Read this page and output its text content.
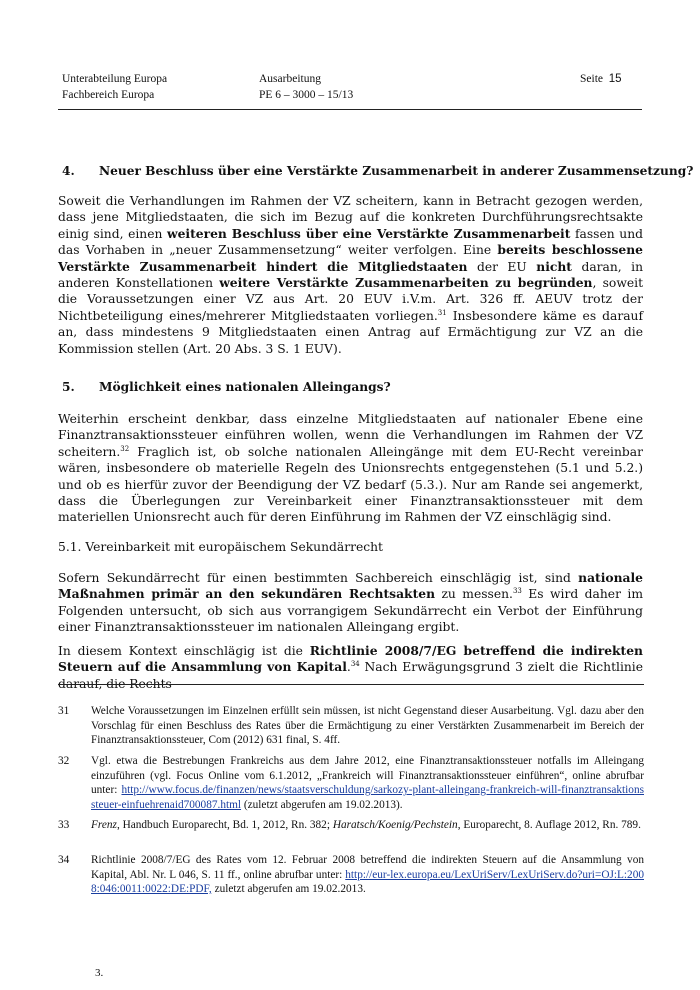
Unterabteilung Europa
Fachbereich Europa
Ausarbeitung
PE 6 – 3000 – 15/13
Seite 15
4. Neuer Beschluss über eine Verstärkte Zusammenarbeit in anderer Zusammensetzung?

Soweit die Verhandlungen im Rahmen der VZ scheitern, kann in Betracht gezogen werden, dass jene Mitgliedstaaten, die sich im Bezug auf die konkreten Durchführungsrechtsakte einig sind, einen weiteren Beschluss über eine Verstärkte Zusammenarbeit fassen und das Vorhaben in „neuer Zusammensetzung“ weiter verfolgen. Eine bereits beschlossene Verstärkte Zusammenarbeit hindert die Mitgliedstaaten der EU nicht daran, in anderen Konstellationen weitere Verstärkte Zusammenarbeiten zu begründen, soweit die Voraussetzungen einer VZ aus Art. 20 EUV i.V.m. Art. 326 ff. AEUV trotz der Nichtbeteiligung eines/mehrerer Mitgliedstaaten vorliegen.$^{31}$ Insbesondere käme es darauf an, dass mindestens 9 Mitgliedstaaten einen Antrag auf Ermächtigung zur VZ an die Kommission stellen (Art. 20 Abs. 3 S. 1 EUV).

5. Möglichkeit eines nationalen Alleingangs?

Weiterhin erscheint denkbar, dass einzelne Mitgliedstaaten auf nationaler Ebene eine Finanztransaktionssteuer einführen wollen, wenn die Verhandlungen im Rahmen der VZ scheitern.$^{32}$ Fraglich ist, ob solche nationalen Alleingänge mit dem EU-Recht vereinbar wären, insbesondere ob materielle Regeln des Unionsrechts entgegenstehen (5.1 und 5.2.) und ob es hierfür zuvor der Beendigung der VZ bedarf (5.3.). Nur am Rande sei angemerkt, dass die Überlegungen zur Vereinbarkeit einer Finanztransaktionssteuer mit dem materiellen Unionsrecht auch für deren Einführung im Rahmen der VZ einschlägig sind.

5.1. Vereinbarkeit mit europäischem Sekundärrecht

Sofern Sekundärrecht für einen bestimmten Sachbereich einschlägig ist, sind nationale Maßnahmen primär an den sekundären Rechtsakten zu messen.$^{33}$ Es wird daher im Folgenden untersucht, ob sich aus vorrangigem Sekundärrecht ein Verbot der Einführung einer Finanztransaktionssteuer im nationalen Alleingang ergibt.

In diesem Kontext einschlägig ist die Richtlinie 2008/7/EG betreffend die indirekten Steuern auf die Ansammlung von Kapital.$^{34}$ Nach Erwägungsgrund 3 zielt die Richtlinie darauf, die Rechts-

31 Welche Voraussetzungen im Einzelnen erfüllt sein müssen, ist nicht Gegenstand dieser Ausarbeitung. Vgl. dazu aber den Vorschlag für einen Beschluss des Rates über die Ermächtigung zu einer Verstärkten Zusammenarbeit im Bereich der Finanztransaktionssteuer, Com (2012) 631 final, S. 4ff.
32 Vgl. etwa die Bestrebungen Frankreichs aus dem Jahre 2012, eine Finanztransaktionssteuer notfalls im Alleingang einzuführen (vgl. Focus Online vom 6.1.2012, „Frankreich will Finanztransaktionssteuer einführen“, online abrufbar unter: http://www.focus.de/finanzen/news/staatsverschuldung/sarkozy-plant-alleingang-frankreich-will-finanztransaktionssteuer-einfuehrenaid700087.html (zuletzt abgerufen am 19.02.2013).
33 Frenz, Handbuch Europarecht, Bd. 1, 2012, Rn. 382; Haratsch/Koenig/Pechstein, Europarecht, 8. Auflage 2012, Rn. 789.
34 Richtlinie 2008/7/EG des Rates vom 12. Februar 2008 betreffend die indirekten Steuern auf die Ansammlung von Kapital, Abl. Nr. L 046, S. 11 ff., online abrufbar unter: http://eur-lex.europa.eu/LexUriServ/LexUriServ.do?uri=OJ:L:2008:046:0011:0022:DE:PDF, zuletzt abgerufen am 19.02.2013.
3.
